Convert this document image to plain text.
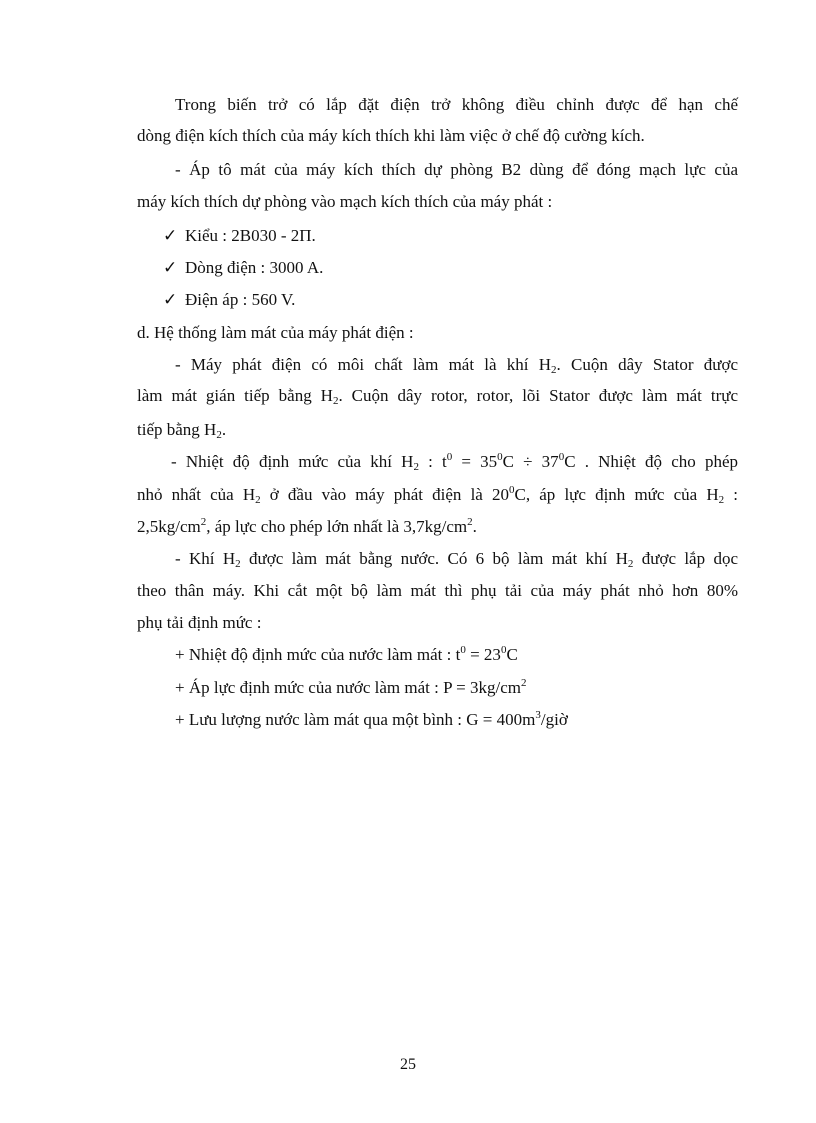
Trong biến trở có lắp đặt điện trở không điều chỉnh được để hạn chế
dòng điện kích thích của máy kích thích khi làm việc ở chế độ cường kích.
- Áp tô mát của máy kích thích dự phòng B2 dùng để đóng mạch lực của
máy kích thích dự phòng vào mạch kích thích của máy phát :
✓ Kiểu : 2B030 - 2П.
✓ Dòng điện : 3000 A.
✓ Điện áp : 560 V.
d. Hệ thống làm mát của máy phát điện :
- Máy phát điện có môi chất làm mát là khí $H_2$. Cuộn dây Stator được
làm mát gián tiếp bằng $H_2$. Cuộn dây rotor, rotor, lõi Stator được làm mát trực
tiếp bằng $H_2$.
- Nhiệt độ định mức của khí $H_2$ : $t^0 = 35^0C \div 37^0C$ . Nhiệt độ cho phép
nhỏ nhất của $H_2$ ở đầu vào máy phát điện là $20^0C$, áp lực định mức của $H_2$ :
$2,5kg/cm^2$, áp lực cho phép lớn nhất là $3,7kg/cm^2$.
- Khí $H_2$ được làm mát bằng nước. Có 6 bộ làm mát khí $H_2$ được lắp dọc
theo thân máy. Khi cắt một bộ làm mát thì phụ tải của máy phát nhỏ hơn 80%
phụ tải định mức :
+ Nhiệt độ định mức của nước làm mát : $t^0 = 23^0C$
+ Áp lực định mức của nước làm mát : $P = 3kg/cm^2$
+ Lưu lượng nước làm mát qua một bình : $G = 400m^3$/giờ
25
